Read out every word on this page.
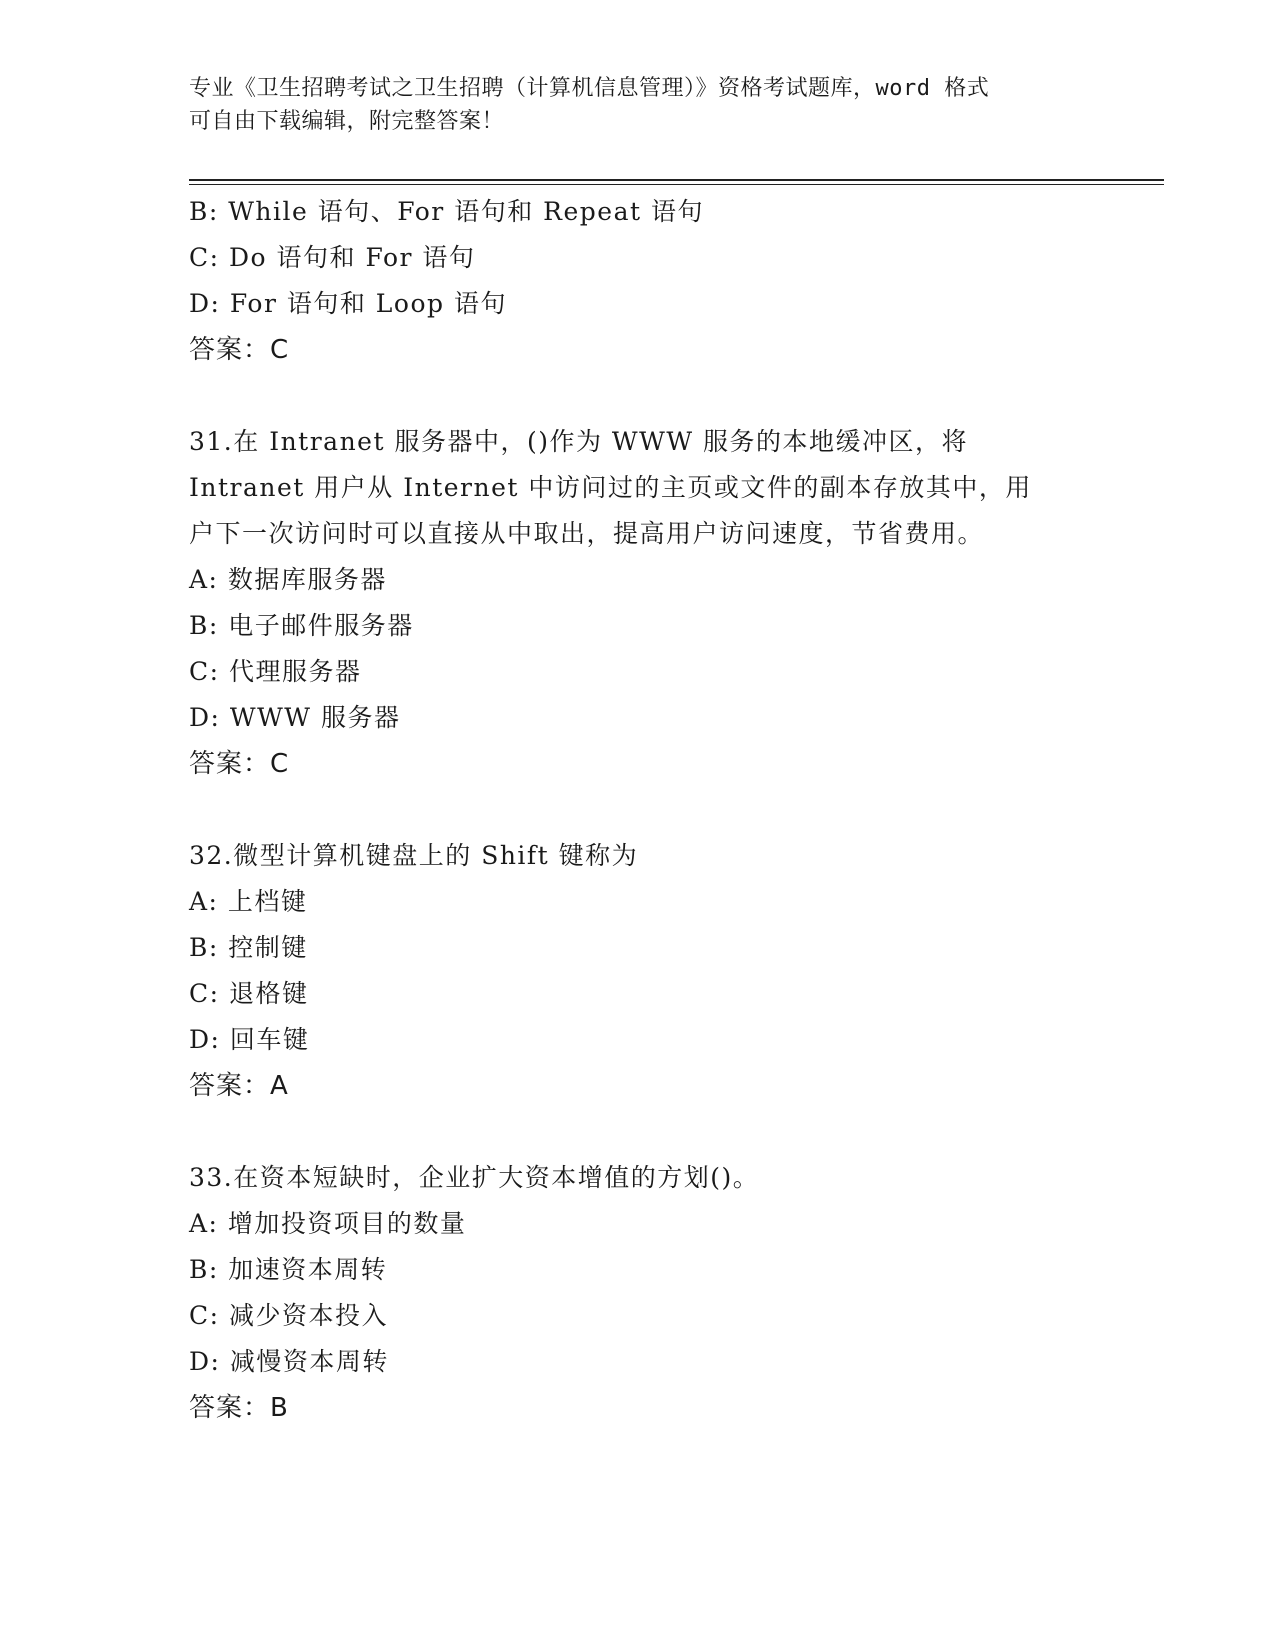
专业《卫生招聘考试之卫生招聘（计算机信息管理）》资格考试题库，word 格式
可自由下载编辑，附完整答案！
B: While 语句、For 语句和 Repeat 语句
C: Do 语句和 For 语句
D: For 语句和 Loop 语句
答案：C
31.在 Intranet 服务器中，()作为 WWW 服务的本地缓冲区，将
Intranet 用户从 Internet 中访问过的主页或文件的副本存放其中，用
户下一次访问时可以直接从中取出，提高用户访问速度，节省费用。
A: 数据库服务器
B: 电子邮件服务器
C: 代理服务器
D: WWW 服务器
答案：C
32.微型计算机键盘上的 Shift 键称为
A: 上档键
B: 控制键
C: 退格键
D: 回车键
答案：A
33.在资本短缺时，企业扩大资本增值的方划()。
A: 增加投资项目的数量
B: 加速资本周转
C: 减少资本投入
D: 减慢资本周转
答案：B
